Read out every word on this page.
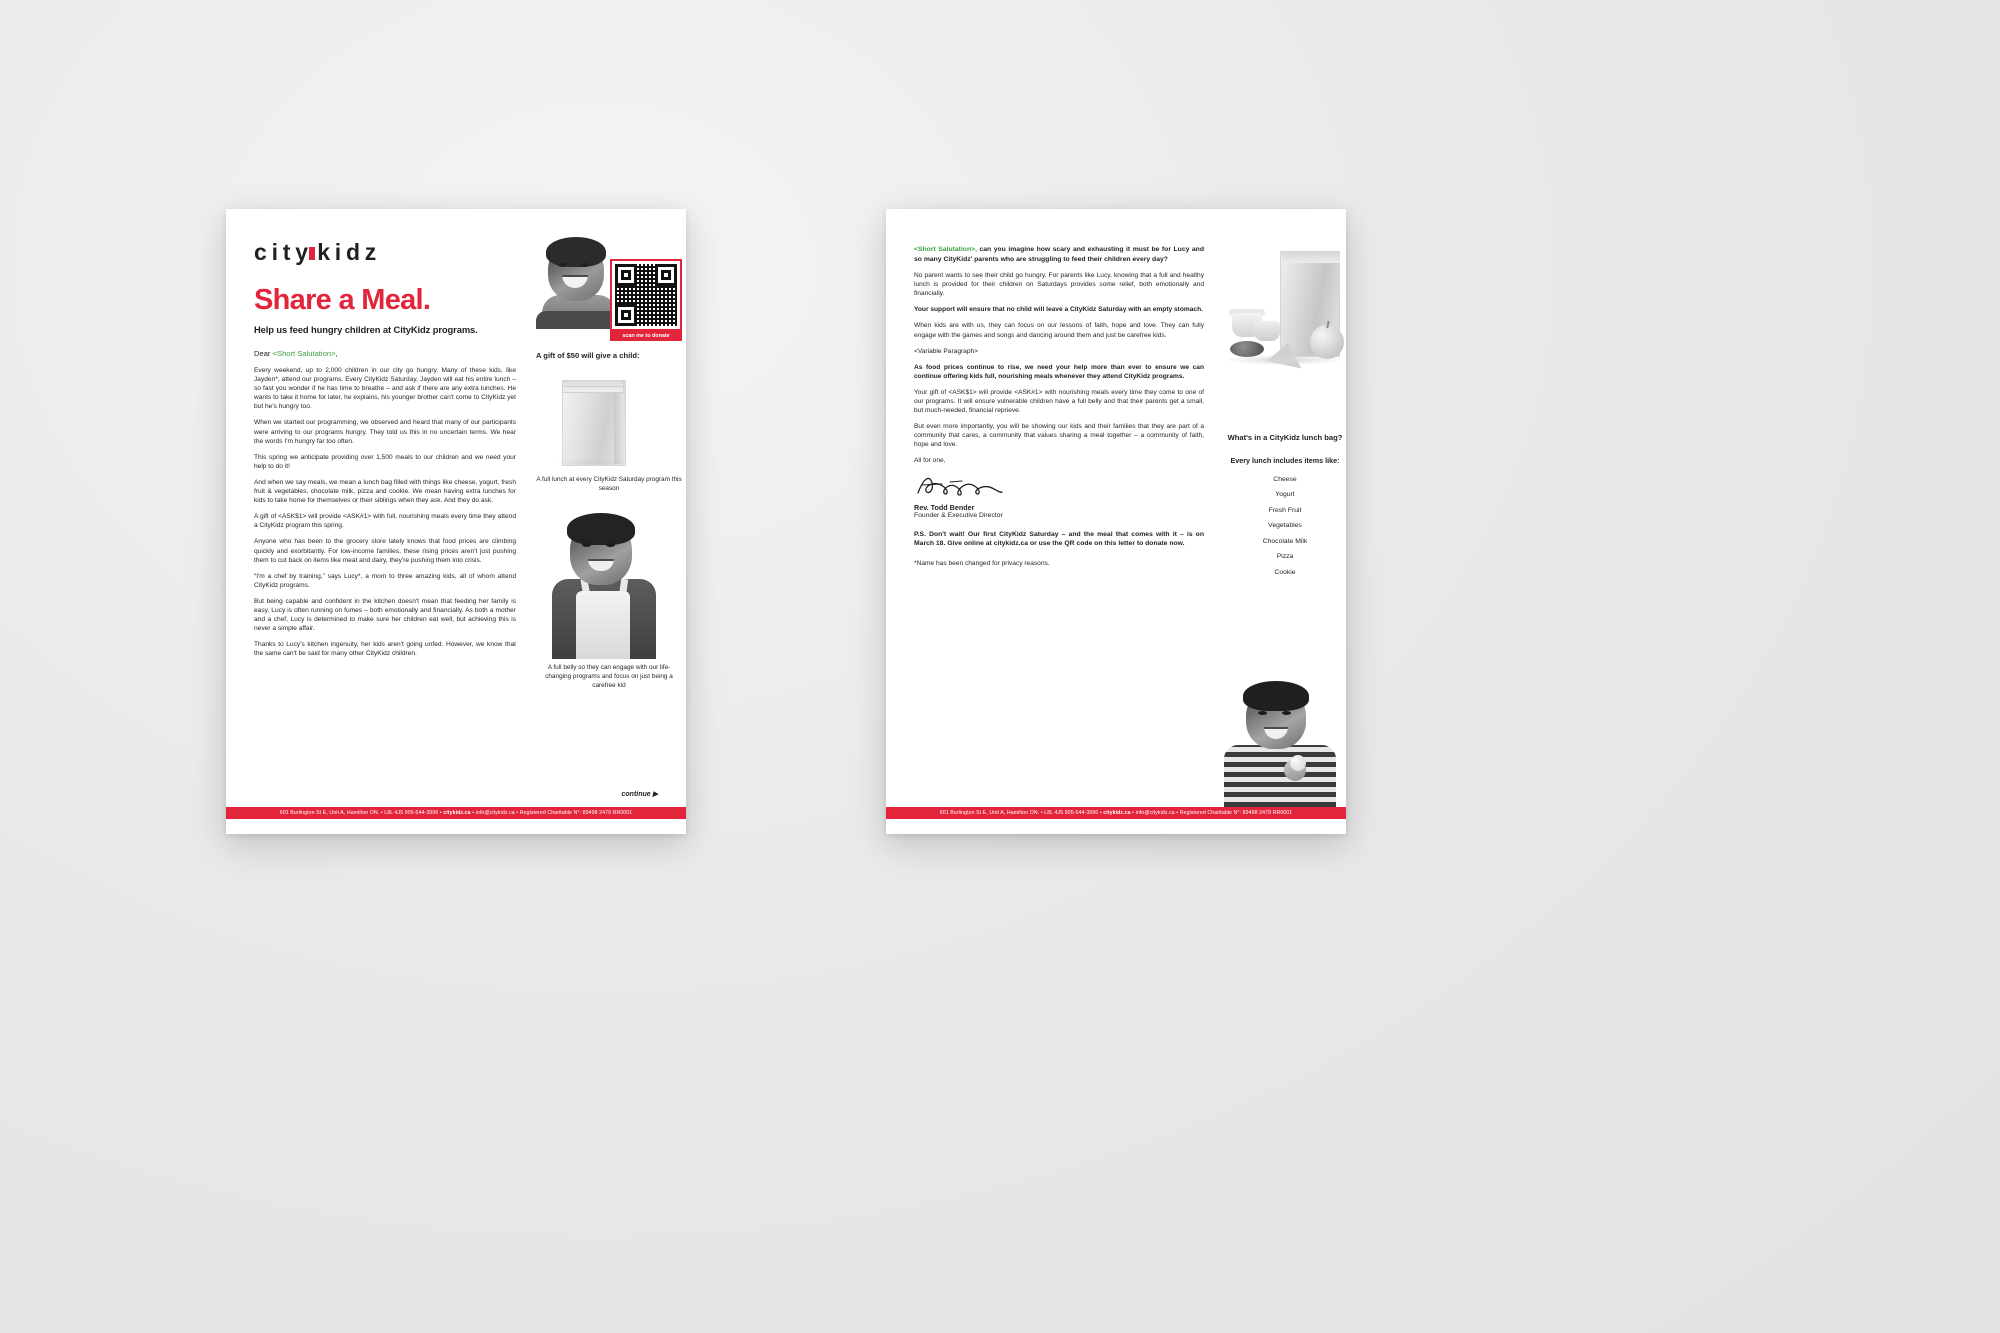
c i t y k i d z
Share a Meal.
Help us feed hungry children at CityKidz programs.
Dear <Short Salutation>,

Every weekend, up to 2,000 children in our city go hungry. Many of these kids, like Jayden*, attend our programs. Every CityKidz Saturday, Jayden will eat his entire lunch – so fast you wonder if he has time to breathe – and ask if there are any extra lunches. He wants to take it home for later, he explains, his younger brother can't come to CityKidz yet but he's hungry too.

When we started our programming, we observed and heard that many of our participants were arriving to our programs hungry. They told us this in no uncertain terms. We hear the words I'm hungry far too often.

This spring we anticipate providing over 1,500 meals to our children and we need your help to do it!

And when we say meals, we mean a lunch bag filled with things like cheese, yogurt, fresh fruit & vegetables, chocolate milk, pizza and cookie. We mean having extra lunches for kids to take home for themselves or their siblings when they ask. And they do ask.

A gift of <ASK$1> will provide <ASK#1> with full, nourishing meals every time they attend a CityKidz program this spring.

Anyone who has been to the grocery store lately knows that food prices are climbing quickly and exorbitantly. For low-income families, these rising prices aren't just pushing them to cut back on items like meat and dairy, they're pushing them into crisis.

“I'm a chef by training,” says Lucy*, a mom to three amazing kids, all of whom attend CityKidz programs.

But being capable and confident in the kitchen doesn't mean that feeding her family is easy. Lucy is often running on fumes – both emotionally and financially. As both a mother and a chef, Lucy is determined to make sure her children eat well, but achieving this is never a simple affair.

Thanks to Lucy's kitchen ingenuity, her kids aren't going unfed. However, we know that the same can't be said for many other CityKidz children.

scan me to donate
A gift of $50 will give a child:
A full lunch at every CityKidz Saturday program this season
A full belly so they can engage with our life-changing programs and focus on just being a carefree kid
continue ▶
601 Burlington St E, Unit A, Hamilton ON. • L8L 4J5 905-544-3996 • citykidz.ca • info@citykidz.ca • Registered Charitable N°: 89498 2479 RR0001

<Short Salutation>, can you imagine how scary and exhausting it must be for Lucy and so many CityKidz' parents who are struggling to feed their children every day?

No parent wants to see their child go hungry. For parents like Lucy, knowing that a full and healthy lunch is provided for their children on Saturdays provides some relief, both emotionally and financially.

Your support will ensure that no child will leave a CityKidz Saturday with an empty stomach.

When kids are with us, they can focus on our lessons of faith, hope and love. They can fully engage with the games and songs and dancing around them and just be carefree kids.

<Variable Paragraph>

As food prices continue to rise, we need your help more than ever to ensure we can continue offering kids full, nourishing meals whenever they attend CityKidz programs.

Your gift of <ASK$1> will provide <ASK#1> with nourishing meals every time they come to one of our programs. It will ensure vulnerable children have a full belly and that their parents get a small, but much-needed, financial reprieve.

But even more importantly, you will be showing our kids and their families that they are part of a community that cares, a community that values sharing a meal together – a community of faith, hope and love.

All for one,

Rev. Todd Bender
Founder & Executive Director
P.S. Don't wait! Our first CityKidz Saturday – and the meal that comes with it – is on March 18. Give online at citykidz.ca or use the QR code on this letter to donate now.
*Name has been changed for privacy reasons.
What's in a CityKidz lunch bag?
Every lunch includes items like:
Cheese
Yogurt
Fresh Fruit
Vegetables
Chocolate Milk
Pizza
Cookie
601 Burlington St E, Unit A, Hamilton ON. • L8L 4J5 905-544-3996 • citykidz.ca • info@citykidz.ca • Registered Charitable N°: 89498 2479 RR0001
